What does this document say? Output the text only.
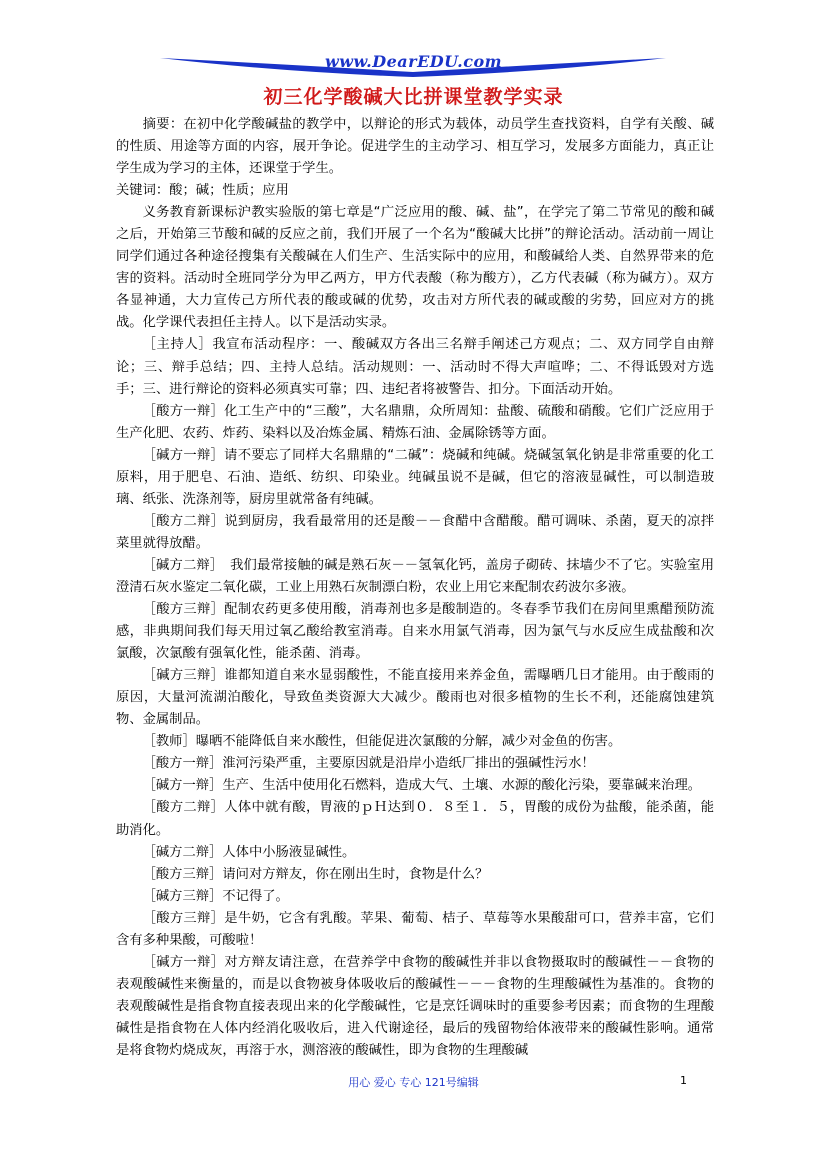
www.DearEDU.com
初三化学酸碱大比拼课堂教学实录

摘要：在初中化学酸碱盐的教学中，以辩论的形式为载体，动员学生查找资料，自学有关酸、碱的性质、用途等方面的内容，展开争论。促进学生的主动学习、相互学习，发展多方面能力，真正让学生成为学习的主体，还课堂于学生。

关键词：酸；碱；性质；应用

义务教育新课标沪教实验版的第七章是“广泛应用的酸、碱、盐”，在学完了第二节常见的酸和碱之后，开始第三节酸和碱的反应之前，我们开展了一个名为“酸碱大比拼”的辩论活动。活动前一周让同学们通过各种途径搜集有关酸碱在人们生产、生活实际中的应用，和酸碱给人类、自然界带来的危害的资料。活动时全班同学分为甲乙两方，甲方代表酸（称为酸方），乙方代表碱（称为碱方）。双方各显神通，大力宣传己方所代表的酸或碱的优势，攻击对方所代表的碱或酸的劣势，回应对方的挑战。化学课代表担任主持人。以下是活动实录。

［主持人］我宣布活动程序：一、酸碱双方各出三名辩手阐述己方观点；二、双方同学自由辩论；三、辩手总结；四、主持人总结。活动规则：一、活动时不得大声喧哗；二、不得诋毁对方选手；三、进行辩论的资料必须真实可靠；四、违纪者将被警告、扣分。下面活动开始。

［酸方一辩］化工生产中的“三酸”，大名鼎鼎，众所周知：盐酸、硫酸和硝酸。它们广泛应用于生产化肥、农药、炸药、染料以及冶炼金属、精炼石油、金属除锈等方面。

［碱方一辩］请不要忘了同样大名鼎鼎的“二碱”：烧碱和纯碱。烧碱氢氧化钠是非常重要的化工原料，用于肥皂、石油、造纸、纺织、印染业。纯碱虽说不是碱，但它的溶液显碱性，可以制造玻璃、纸张、洗涤剂等，厨房里就常备有纯碱。

［酸方二辩］说到厨房，我看最常用的还是酸－－食醋中含醋酸。醋可调味、杀菌，夏天的凉拌菜里就得放醋。

［碱方二辩］　我们最常接触的碱是熟石灰－－氢氧化钙，盖房子砌砖、抹墙少不了它。实验室用澄清石灰水鉴定二氧化碳，工业上用熟石灰制漂白粉，农业上用它来配制农药波尔多液。

［酸方三辩］配制农药更多使用酸，消毒剂也多是酸制造的。冬春季节我们在房间里熏醋预防流感，非典期间我们每天用过氧乙酸给教室消毒。自来水用氯气消毒，因为氯气与水反应生成盐酸和次氯酸，次氯酸有强氧化性，能杀菌、消毒。

［碱方三辩］谁都知道自来水显弱酸性，不能直接用来养金鱼，需曝晒几日才能用。由于酸雨的原因，大量河流湖泊酸化，导致鱼类资源大大减少。酸雨也对很多植物的生长不利，还能腐蚀建筑物、金属制品。

［教师］曝晒不能降低自来水酸性，但能促进次氯酸的分解，减少对金鱼的伤害。

［酸方一辩］淮河污染严重，主要原因就是沿岸小造纸厂排出的强碱性污水！

［碱方一辩］生产、生活中使用化石燃料，造成大气、土壤、水源的酸化污染，要靠碱来治理。

［酸方二辩］人体中就有酸，胃液的ｐＨ达到０．８至１．５，胃酸的成份为盐酸，能杀菌，能助消化。

［碱方二辩］人体中小肠液显碱性。

［酸方三辩］请问对方辩友，你在刚出生时，食物是什么？

［碱方三辩］不记得了。

［酸方三辩］是牛奶，它含有乳酸。苹果、葡萄、桔子、草莓等水果酸甜可口，营养丰富，它们含有多种果酸，可酸啦！

［碱方一辩］对方辩友请注意，在营养学中食物的酸碱性并非以食物摄取时的酸碱性－－食物的表观酸碱性来衡量的，而是以食物被身体吸收后的酸碱性－－－食物的生理酸碱性为基准的。食物的表观酸碱性是指食物直接表现出来的化学酸碱性，它是烹饪调味时的重要参考因素；而食物的生理酸碱性是指食物在人体内经消化吸收后，进入代谢途径，最后的残留物给体液带来的酸碱性影响。通常是将食物灼烧成灰，再溶于水，测溶液的酸碱性，即为食物的生理酸碱

用心 爱心 专心 121号编辑	1
